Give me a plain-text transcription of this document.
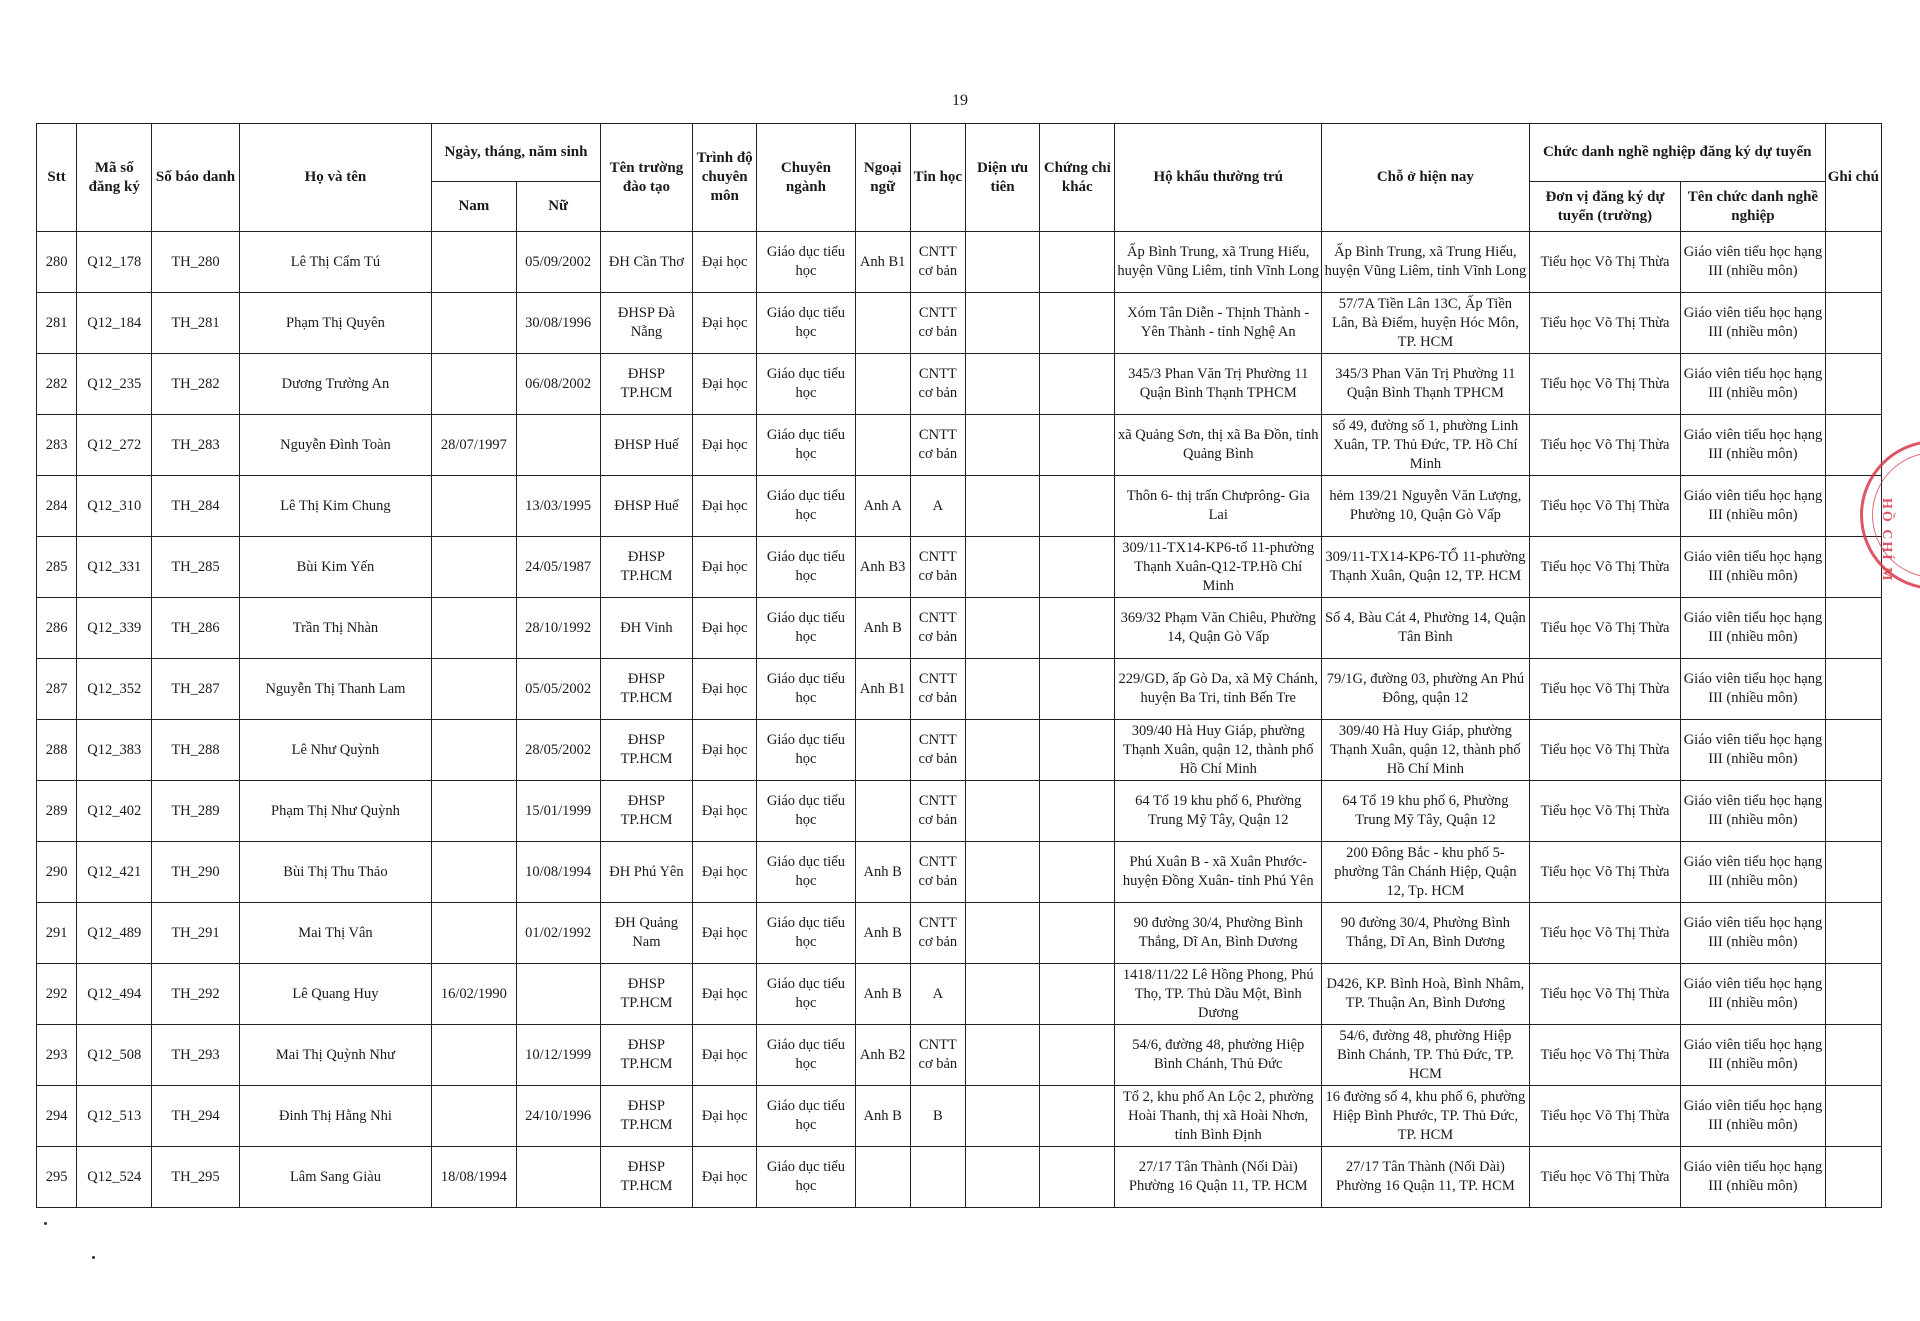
19
Stt	Mã số đăng ký	Số báo danh	Họ và tên	Ngày, tháng, năm sinh		Tên trường đào tạo	Trình độ chuyên môn	Chuyên ngành	Ngoại ngữ	Tin học	Diện ưu tiên	Chứng chỉ khác	Hộ khẩu thường trú	Chỗ ở hiện nay	Chức danh nghề nghiệp đăng ký dự tuyển		Ghi chú
				Nam	Nữ										Đơn vị đăng ký dự tuyển (trường)	Tên chức danh nghề nghiệp	
280	Q12_178	TH_280	Lê Thị Cẩm Tú		05/09/2002	ĐH Cần Thơ	Đại học	Giáo dục tiểu học	Anh B1	CNTT cơ bản			Ấp Bình Trung, xã Trung Hiếu, huyện Vũng Liêm, tỉnh Vĩnh Long	Ấp Bình Trung, xã Trung Hiếu, huyện Vũng Liêm, tỉnh Vĩnh Long	Tiểu học Võ Thị Thừa	Giáo viên tiểu học hạng III (nhiều môn)	
281	Q12_184	TH_281	Phạm Thị Quyên		30/08/1996	ĐHSP Đà Nẵng	Đại học	Giáo dục tiểu học		CNTT cơ bản			Xóm Tân Diễn - Thịnh Thành - Yên Thành - tỉnh Nghệ An	57/7A Tiền Lân 13C, Ấp Tiền Lân, Bà Điểm, huyện Hóc Môn, TP. HCM	Tiểu học Võ Thị Thừa	Giáo viên tiểu học hạng III (nhiều môn)	
282	Q12_235	TH_282	Dương Trường An		06/08/2002	ĐHSP TP.HCM	Đại học	Giáo dục tiểu học		CNTT cơ bản			345/3 Phan Văn Trị Phường 11 Quận Bình Thạnh TPHCM	345/3 Phan Văn Trị Phường 11 Quận Bình Thạnh TPHCM	Tiểu học Võ Thị Thừa	Giáo viên tiểu học hạng III (nhiều môn)	
283	Q12_272	TH_283	Nguyễn Đình Toàn	28/07/1997		ĐHSP Huế	Đại học	Giáo dục tiểu học		CNTT cơ bản			xã Quảng Sơn, thị xã Ba Đồn, tỉnh Quảng Bình	số 49, đường số 1, phường Linh Xuân, TP. Thủ Đức, TP. Hồ Chí Minh	Tiểu học Võ Thị Thừa	Giáo viên tiểu học hạng III (nhiều môn)	
284	Q12_310	TH_284	Lê Thị Kim Chung		13/03/1995	ĐHSP Huế	Đại học	Giáo dục tiểu học	Anh A	A			Thôn 6- thị trấn Chưprông- Gia Lai	hẻm 139/21 Nguyễn Văn Lượng, Phường 10, Quận Gò Vấp	Tiểu học Võ Thị Thừa	Giáo viên tiểu học hạng III (nhiều môn)	
285	Q12_331	TH_285	Bùi Kim Yến		24/05/1987	ĐHSP TP.HCM	Đại học	Giáo dục tiểu học	Anh B3	CNTT cơ bản			309/11-TX14-KP6-tổ 11-phường Thạnh Xuân-Q12-TP.Hồ Chí Minh	309/11-TX14-KP6-TỔ 11-phường Thạnh Xuân, Quận 12, TP. HCM	Tiểu học Võ Thị Thừa	Giáo viên tiểu học hạng III (nhiều môn)	
286	Q12_339	TH_286	Trần Thị Nhàn		28/10/1992	ĐH Vinh	Đại học	Giáo dục tiểu học	Anh B	CNTT cơ bản			369/32 Phạm Văn Chiêu, Phường 14, Quận Gò Vấp	Số 4, Bàu Cát 4, Phường 14, Quận Tân Bình	Tiểu học Võ Thị Thừa	Giáo viên tiểu học hạng III (nhiều môn)	
287	Q12_352	TH_287	Nguyễn Thị Thanh Lam		05/05/2002	ĐHSP TP.HCM	Đại học	Giáo dục tiểu học	Anh B1	CNTT cơ bản			229/GD, ấp Gò Da, xã Mỹ Chánh, huyện Ba Tri, tỉnh Bến Tre	79/1G, đường 03, phường An Phú Đông, quận 12	Tiểu học Võ Thị Thừa	Giáo viên tiểu học hạng III (nhiều môn)	
288	Q12_383	TH_288	Lê Như Quỳnh		28/05/2002	ĐHSP TP.HCM	Đại học	Giáo dục tiểu học		CNTT cơ bản			309/40 Hà Huy Giáp, phường Thạnh Xuân, quận 12, thành phố Hồ Chí Minh	309/40 Hà Huy Giáp, phường Thạnh Xuân, quận 12, thành phố Hồ Chí Minh	Tiểu học Võ Thị Thừa	Giáo viên tiểu học hạng III (nhiều môn)	
289	Q12_402	TH_289	Phạm Thị Như Quỳnh		15/01/1999	ĐHSP TP.HCM	Đại học	Giáo dục tiểu học		CNTT cơ bản			64 Tổ 19 khu phố 6, Phường Trung Mỹ Tây, Quận 12	64 Tổ 19 khu phố 6, Phường Trung Mỹ Tây, Quận 12	Tiểu học Võ Thị Thừa	Giáo viên tiểu học hạng III (nhiều môn)	
290	Q12_421	TH_290	Bùi Thị Thu Thảo		10/08/1994	ĐH Phú Yên	Đại học	Giáo dục tiểu học	Anh B	CNTT cơ bản			Phú Xuân B - xã Xuân Phước- huyện Đồng Xuân- tỉnh Phú Yên	200 Đông Bắc - khu phố 5- phường Tân Chánh Hiệp, Quận 12, Tp. HCM	Tiểu học Võ Thị Thừa	Giáo viên tiểu học hạng III (nhiều môn)	
291	Q12_489	TH_291	Mai Thị Vân		01/02/1992	ĐH Quảng Nam	Đại học	Giáo dục tiểu học	Anh B	CNTT cơ bản			90 đường 30/4, Phường Bình Thắng, Dĩ An, Bình Dương	90 đường 30/4, Phường Bình Thắng, Dĩ An, Bình Dương	Tiểu học Võ Thị Thừa	Giáo viên tiểu học hạng III (nhiều môn)	
292	Q12_494	TH_292	Lê Quang Huy	16/02/1990		ĐHSP TP.HCM	Đại học	Giáo dục tiểu học	Anh B	A			1418/11/22 Lê Hồng Phong, Phú Thọ, TP. Thủ Dầu Một, Bình Dương	D426, KP. Bình Hoà, Bình Nhâm, TP. Thuận An, Bình Dương	Tiểu học Võ Thị Thừa	Giáo viên tiểu học hạng III (nhiều môn)	
293	Q12_508	TH_293	Mai Thị Quỳnh Như		10/12/1999	ĐHSP TP.HCM	Đại học	Giáo dục tiểu học	Anh B2	CNTT cơ bản			54/6, đường 48, phường Hiệp Bình Chánh, Thủ Đức	54/6, đường 48, phường Hiệp Bình Chánh, TP. Thủ Đức, TP. HCM	Tiểu học Võ Thị Thừa	Giáo viên tiểu học hạng III (nhiều môn)	
294	Q12_513	TH_294	Đinh Thị Hằng Nhi		24/10/1996	ĐHSP TP.HCM	Đại học	Giáo dục tiểu học	Anh B	B			Tổ 2, khu phố An Lộc 2, phường Hoài Thanh, thị xã Hoài Nhơn, tỉnh Bình Định	16 đường số 4, khu phố 6, phường Hiệp Bình Phước, TP. Thủ Đức, TP. HCM	Tiểu học Võ Thị Thừa	Giáo viên tiểu học hạng III (nhiều môn)	
295	Q12_524	TH_295	Lâm Sang Giàu	18/08/1994		ĐHSP TP.HCM	Đại học	Giáo dục tiểu học					27/17 Tân Thành (Nối Dài) Phường 16 Quận 11, TP. HCM	27/17 Tân Thành (Nối Dài) Phường 16 Quận 11, TP. HCM	Tiểu học Võ Thị Thừa	Giáo viên tiểu học hạng III (nhiều môn)	
HỒ CHÍ M
